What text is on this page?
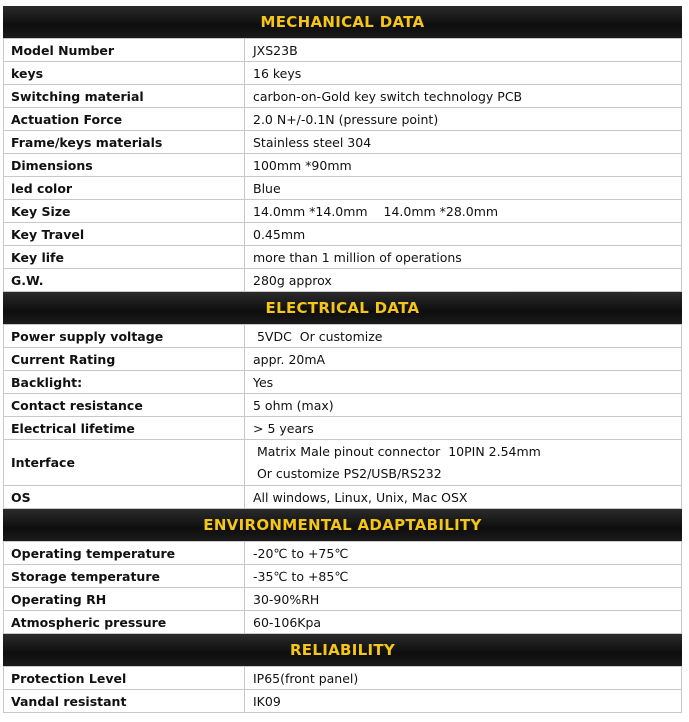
MECHANICAL DATA
Model Number	JXS23B
keys	16 keys
Switching material	carbon-on-Gold key switch technology PCB
Actuation Force	2.0 N+/-0.1N (pressure point)
Frame/keys materials	Stainless steel 304
Dimensions	100mm *90mm
led color	Blue
Key Size	14.0mm *14.0mm    14.0mm *28.0mm
Key Travel	0.45mm
Key life	more than 1 million of operations
G.W.	280g approx
ELECTRICAL DATA
Power supply voltage	5VDC  Or customize
Current Rating	appr. 20mA
Backlight:	Yes
Contact resistance	5 ohm (max)
Electrical lifetime	> 5 years
Interface	Matrix Male pinout connector  10PIN 2.54mm
Or customize PS2/USB/RS232

OS	All windows, Linux, Unix, Mac OSX
ENVIRONMENTAL ADAPTABILITY
Operating temperature	-20℃ to +75℃
Storage temperature	-35℃ to +85℃
Operating RH	30-90%RH
Atmospheric pressure	60-106Kpa
RELIABILITY
Protection Level	IP65(front panel)
Vandal resistant	IK09
